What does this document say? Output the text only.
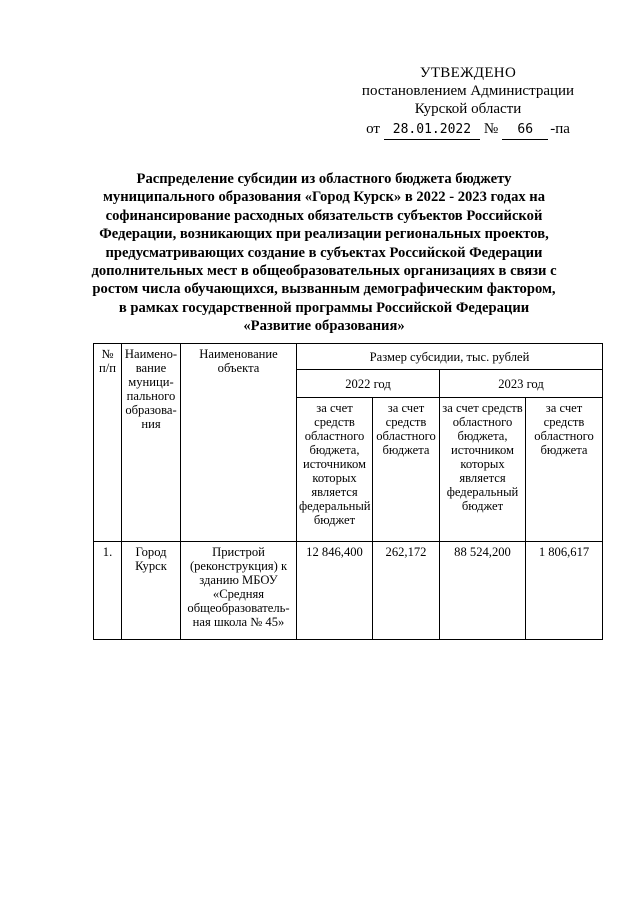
УТВЕЖДЕНО
постановлением Администрации
Курской области
от 28.01.2022 №	66	-па
Распределение субсидии из областного бюджета бюджету
муниципального образования «Город Курск» в 2022 - 2023 годах на
софинансирование расходных обязательств субъектов Российской
Федерации, возникающих при реализации региональных проектов,
предусматривающих создание в субъектах Российской Федерации
дополнительных мест в общеобразовательных организациях в связи с
ростом числа обучающихся, вызванным демографическим фактором,
в рамках государственной программы Российской Федерации
«Развитие образования»
№ п/п	Наимено-вание муници-пального образова-ния	Наименование объекта	Размер субсидии, тыс. рублей			
			2022 год		2023 год	
			за счет средств областного бюджета, источником которых является федеральный бюджет	за счет средств областного бюджета	за счет средств областного бюджета, источником которых является федеральный бюджет	за счет средств областного бюджета
1.	Город Курск	Пристрой (реконструкция) к зданию МБОУ «Средняя общеобразователь-ная школа № 45»	12 846,400	262,172	88 524,200	1 806,617
